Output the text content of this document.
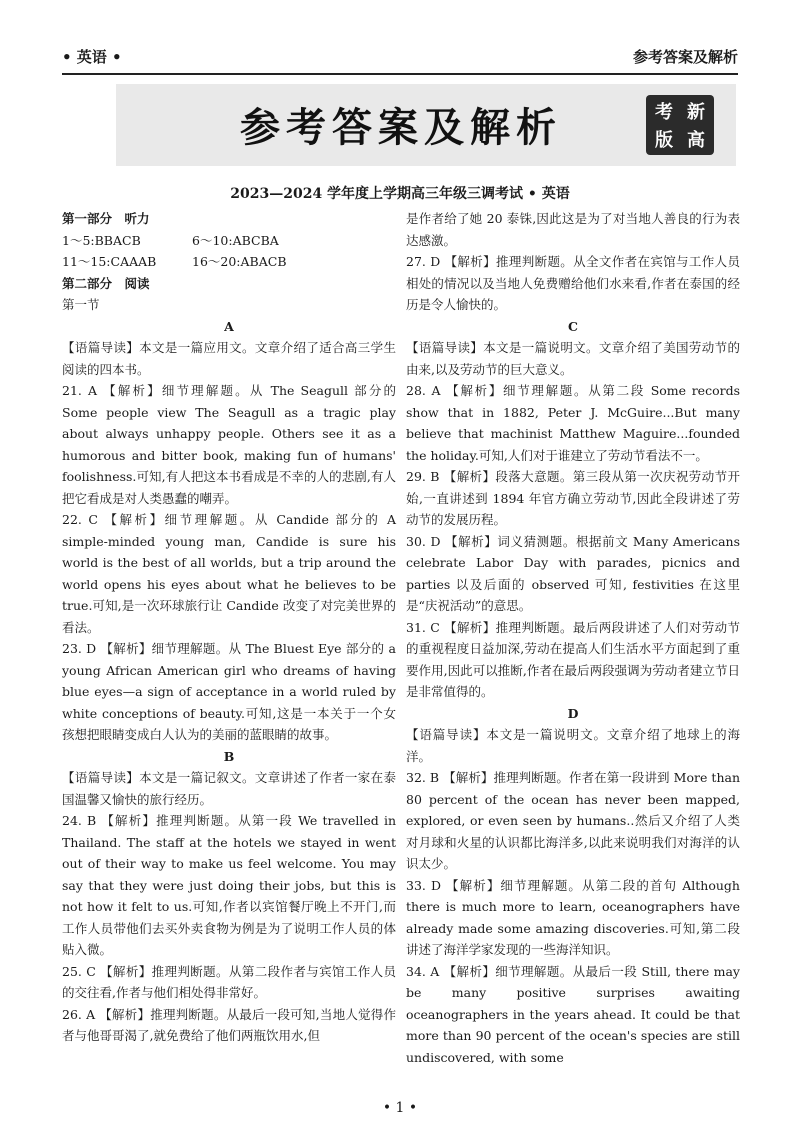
• 英语 •	参考答案及解析
参考答案及解析	考 新
版 高
2023—2024 学年度上学期高三年级三调考试 • 英语

第一部分　听力

1～5:BBACB	6～10:ABCBA
11～15:CAAAB	16～20:ABACB

第二部分　阅读

第一节

A

【语篇导读】本文是一篇应用文。文章介绍了适合高三学生阅读的四本书。

21. A 【解析】细节理解题。从 The Seagull 部分的 Some people view The Seagull as a tragic play about always unhappy people. Others see it as a humorous and bitter book, making fun of humans' foolishness.可知,有人把这本书看成是不幸的人的悲剧,有人把它看成是对人类愚蠢的嘲弄。

22. C 【解析】细节理解题。从 Candide 部分的 A simple-minded young man, Candide is sure his world is the best of all worlds, but a trip around the world opens his eyes about what he believes to be true.可知,是一次环球旅行让 Candide 改变了对完美世界的看法。

23. D 【解析】细节理解题。从 The Bluest Eye 部分的 a young African American girl who dreams of having blue eyes—a sign of acceptance in a world ruled by white conceptions of beauty.可知,这是一本关于一个女孩想把眼睛变成白人认为的美丽的蓝眼睛的故事。

B

【语篇导读】本文是一篇记叙文。文章讲述了作者一家在泰国温馨又愉快的旅行经历。

24. B 【解析】推理判断题。从第一段 We travelled in Thailand. The staff at the hotels we stayed in went out of their way to make us feel welcome. You may say that they were just doing their jobs, but this is not how it felt to us.可知,作者以宾馆餐厅晚上不开门,而工作人员带他们去买外卖食物为例是为了说明工作人员的体贴入微。

25. C 【解析】推理判断题。从第二段作者与宾馆工作人员的交往看,作者与他们相处得非常好。

26. A 【解析】推理判断题。从最后一段可知,当地人觉得作者与他哥哥渴了,就免费给了他们两瓶饮用水,但

是作者给了她 20 泰铢,因此这是为了对当地人善良的行为表达感激。

27. D 【解析】推理判断题。从全文作者在宾馆与工作人员相处的情况以及当地人免费赠给他们水来看,作者在泰国的经历是令人愉快的。

C

【语篇导读】本文是一篇说明文。文章介绍了美国劳动节的由来,以及劳动节的巨大意义。

28. A 【解析】细节理解题。从第二段 Some records show that in 1882, Peter J. McGuire...But many believe that machinist Matthew Maguire...founded the holiday.可知,人们对于谁建立了劳动节看法不一。

29. B 【解析】段落大意题。第三段从第一次庆祝劳动节开始,一直讲述到 1894 年官方确立劳动节,因此全段讲述了劳动节的发展历程。

30. D 【解析】词义猜测题。根据前文 Many Americans celebrate Labor Day with parades, picnics and parties 以及后面的 observed 可知, festivities 在这里是“庆祝活动”的意思。

31. C 【解析】推理判断题。最后两段讲述了人们对劳动节的重视程度日益加深,劳动在提高人们生活水平方面起到了重要作用,因此可以推断,作者在最后两段强调为劳动者建立节日是非常值得的。

D

【语篇导读】本文是一篇说明文。文章介绍了地球上的海洋。

32. B 【解析】推理判断题。作者在第一段讲到 More than 80 percent of the ocean has never been mapped, explored, or even seen by humans..然后又介绍了人类对月球和火星的认识都比海洋多,以此来说明我们对海洋的认识太少。

33. D 【解析】细节理解题。从第二段的首句 Although there is much more to learn, oceanographers have already made some amazing discoveries.可知,第二段讲述了海洋学家发现的一些海洋知识。

34. A 【解析】细节理解题。从最后一段 Still, there may be many positive surprises awaiting oceanographers in the years ahead. It could be that more than 90 percent of the ocean's species are still undiscovered, with some

• 1 •
